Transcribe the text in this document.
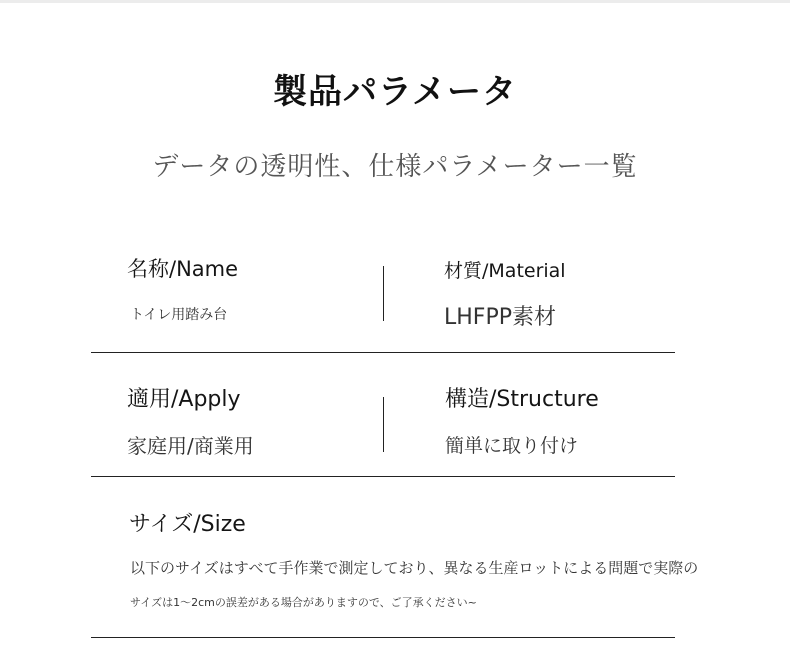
製品パラメータ
データの透明性、仕様パラメーター一覧
名称/Name
トイレ用踏み台
材質/Material
LHFPP素材
適用/Apply
家庭用/商業用
構造/Structure
簡単に取り付け
サイズ/Size
以下のサイズはすべて手作業で測定しており、異なる生産ロットによる問題で実際の
サイズは1〜2cmの誤差がある場合がありますので、ご了承ください~
